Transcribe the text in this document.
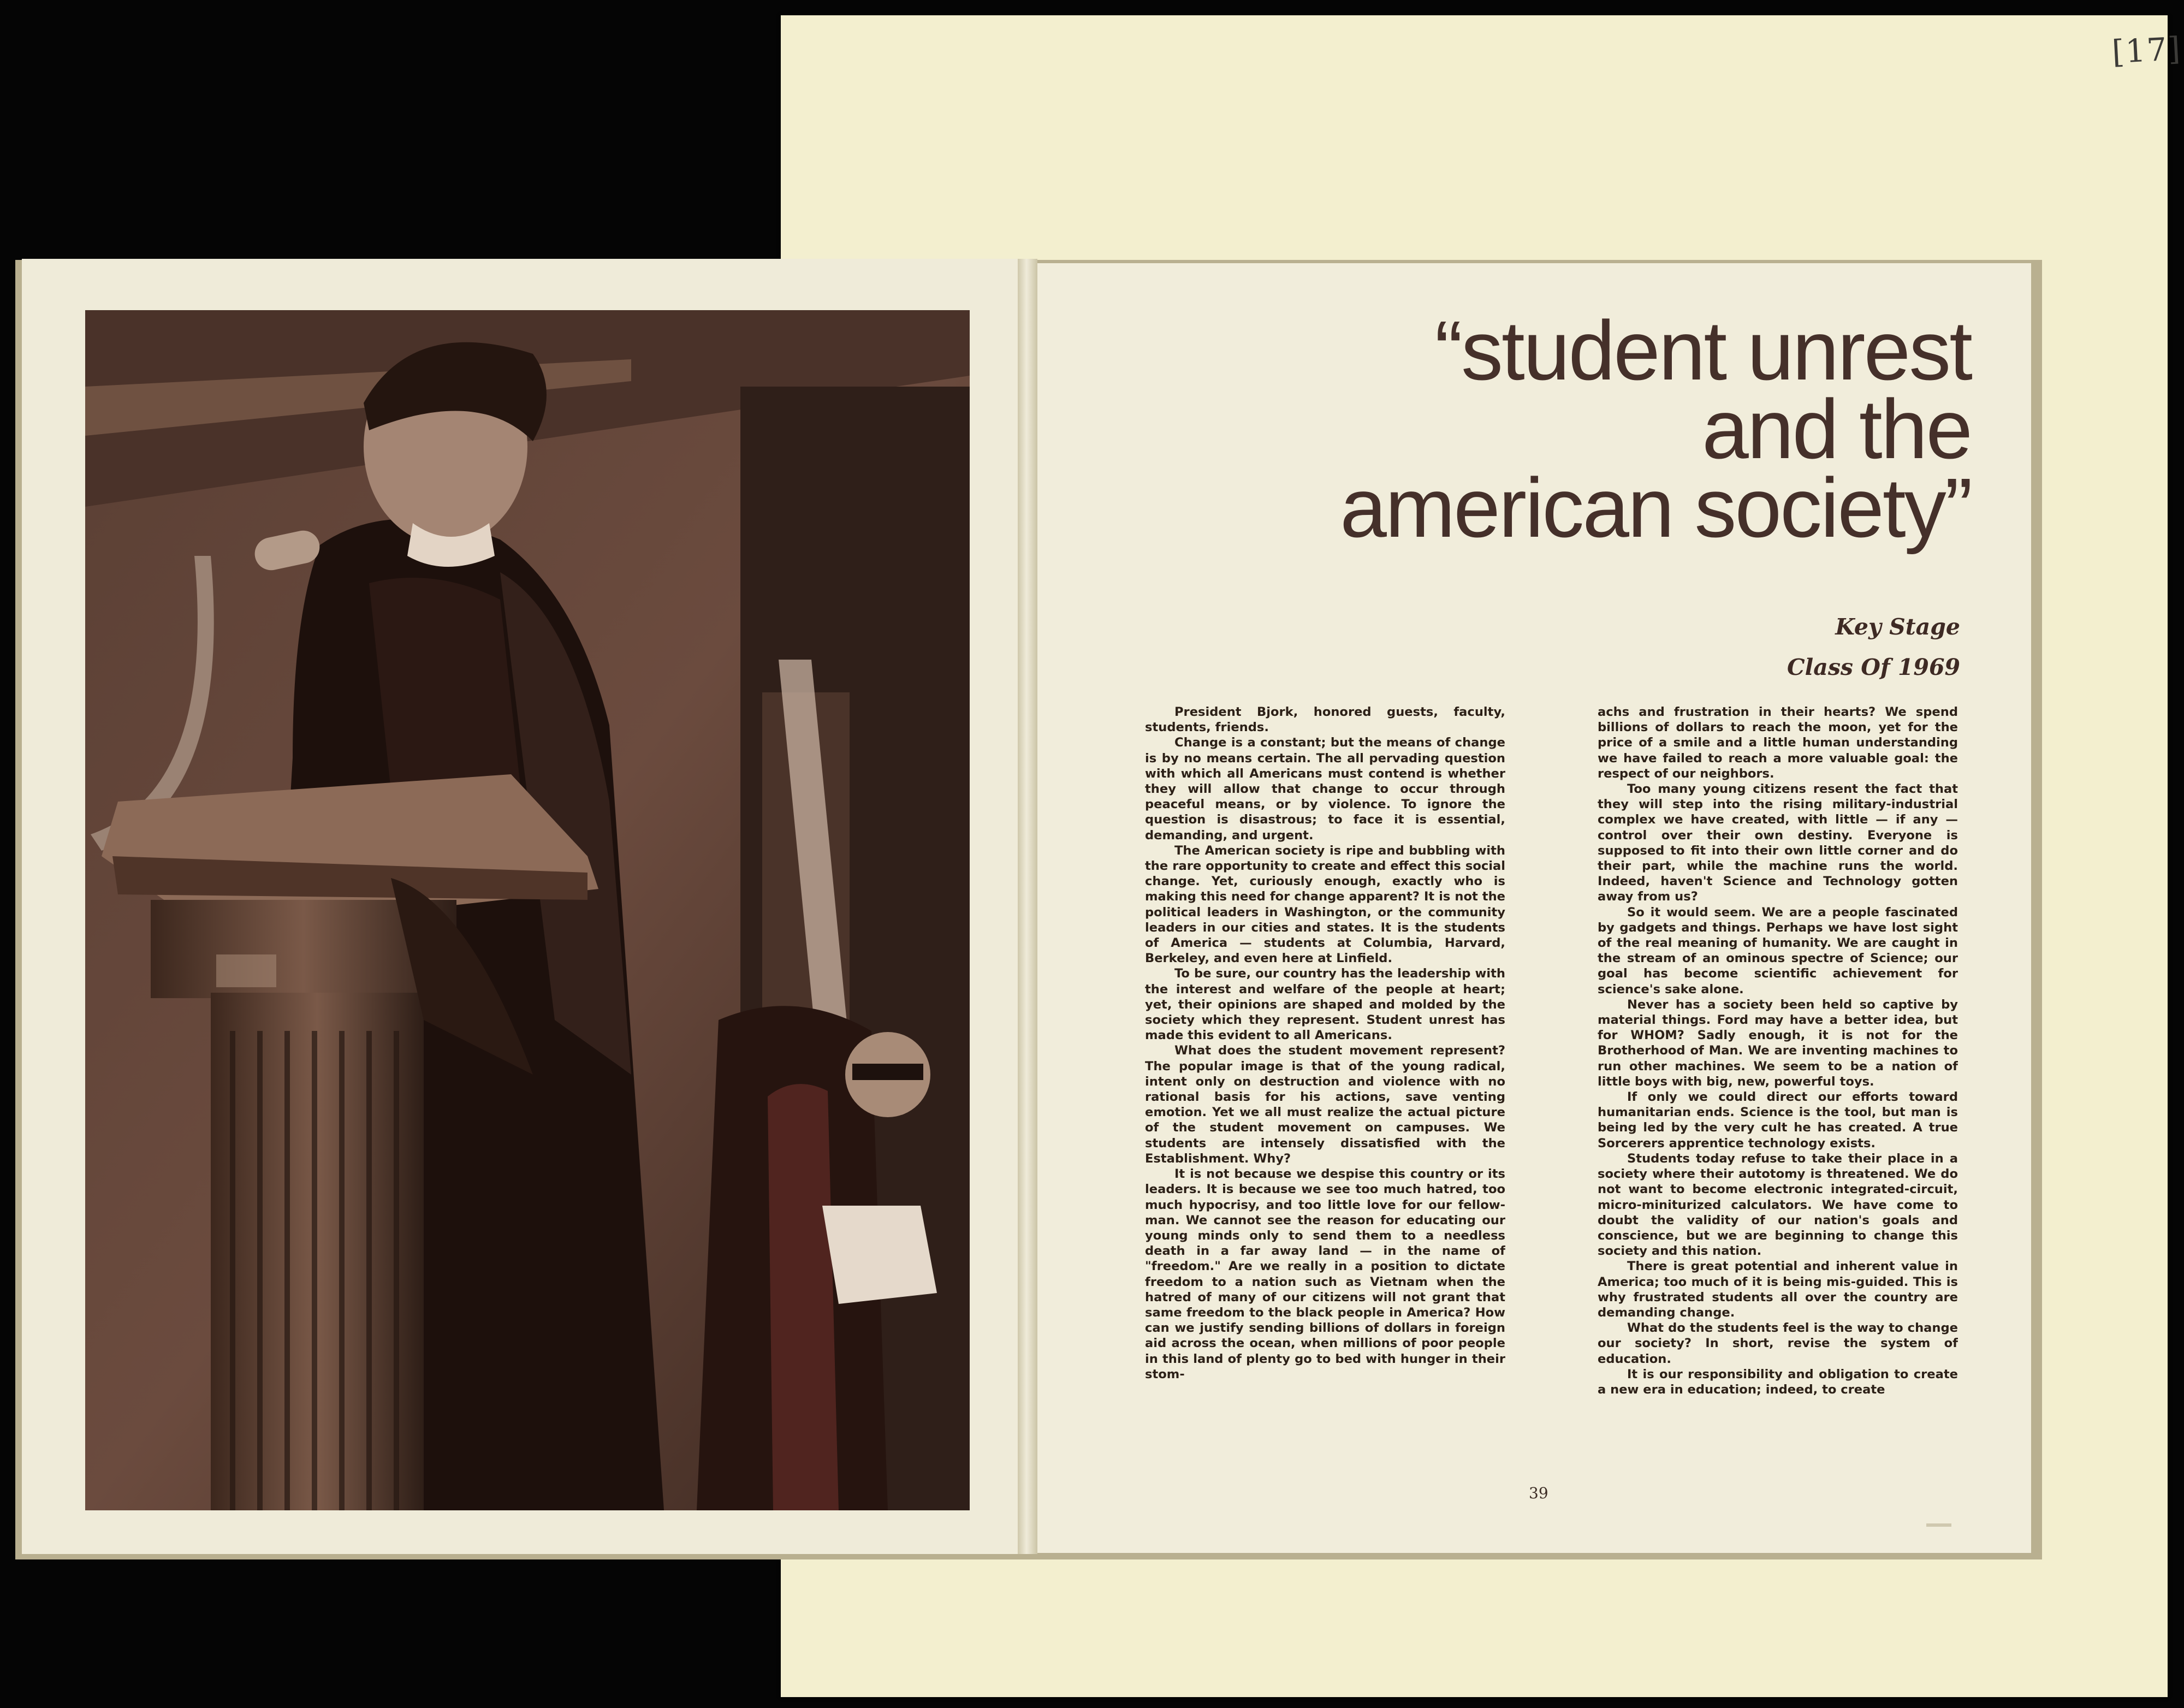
[17]
“student unrest
and the
american society”
Key Stage
Class Of 1969

President Bjork, honored guests, faculty, students, friends.

Change is a constant; but the means of change is by no means certain. The all pervading question with which all Americans must contend is whether they will allow that change to occur through peaceful means, or by violence. To ignore the question is disastrous; to face it is essential, demanding, and urgent.

The American society is ripe and bubbling with the rare opportunity to create and effect this social change. Yet, curiously enough, exactly who is making this need for change apparent? It is not the political leaders in Washington, or the community leaders in our cities and states. It is the students of America — students at Columbia, Harvard, Berkeley, and even here at Linfield.

To be sure, our country has the leadership with the interest and welfare of the people at heart; yet, their opinions are shaped and molded by the society which they represent. Student unrest has made this evident to all Americans.

What does the student movement represent? The popular image is that of the young radical, intent only on destruction and violence with no rational basis for his actions, save venting emotion. Yet we all must realize the actual picture of the student movement on campuses. We students are intensely dissatisfied with the Establishment. Why?

It is not because we despise this country or its leaders. It is because we see too much hatred, too much hypocrisy, and too little love for our fellow-man. We cannot see the reason for educating our young minds only to send them to a needless death in a far away land — in the name of "freedom." Are we really in a position to dictate freedom to a nation such as Vietnam when the hatred of many of our citizens will not grant that same freedom to the black people in America? How can we justify sending billions of dollars in foreign aid across the ocean, when millions of poor people in this land of plenty go to bed with hunger in their stom-

achs and frustration in their hearts? We spend billions of dollars to reach the moon, yet for the price of a smile and a little human understanding we have failed to reach a more valuable goal: the respect of our neighbors.

Too many young citizens resent the fact that they will step into the rising military-industrial complex we have created, with little — if any — control over their own destiny. Everyone is supposed to fit into their own little corner and do their part, while the machine runs the world. Indeed, haven't Science and Technology gotten away from us?

So it would seem. We are a people fascinated by gadgets and things. Perhaps we have lost sight of the real meaning of humanity. We are caught in the stream of an ominous spectre of Science; our goal has become scientific achievement for science's sake alone.

Never has a society been held so captive by material things. Ford may have a better idea, but for WHOM? Sadly enough, it is not for the Brotherhood of Man. We are inventing machines to run other machines. We seem to be a nation of little boys with big, new, powerful toys.

If only we could direct our efforts toward humanitarian ends. Science is the tool, but man is being led by the very cult he has created. A true Sorcerers apprentice technology exists.

Students today refuse to take their place in a society where their autotomy is threatened. We do not want to become electronic integrated-circuit, micro-miniturized calculators. We have come to doubt the validity of our nation's goals and conscience, but we are beginning to change this society and this nation.

There is great potential and inherent value in America; too much of it is being mis-guided. This is why frustrated students all over the country are demanding change.

What do the students feel is the way to change our society? In short, revise the system of education.

It is our responsibility and obligation to create a new era in education; indeed, to create

39
